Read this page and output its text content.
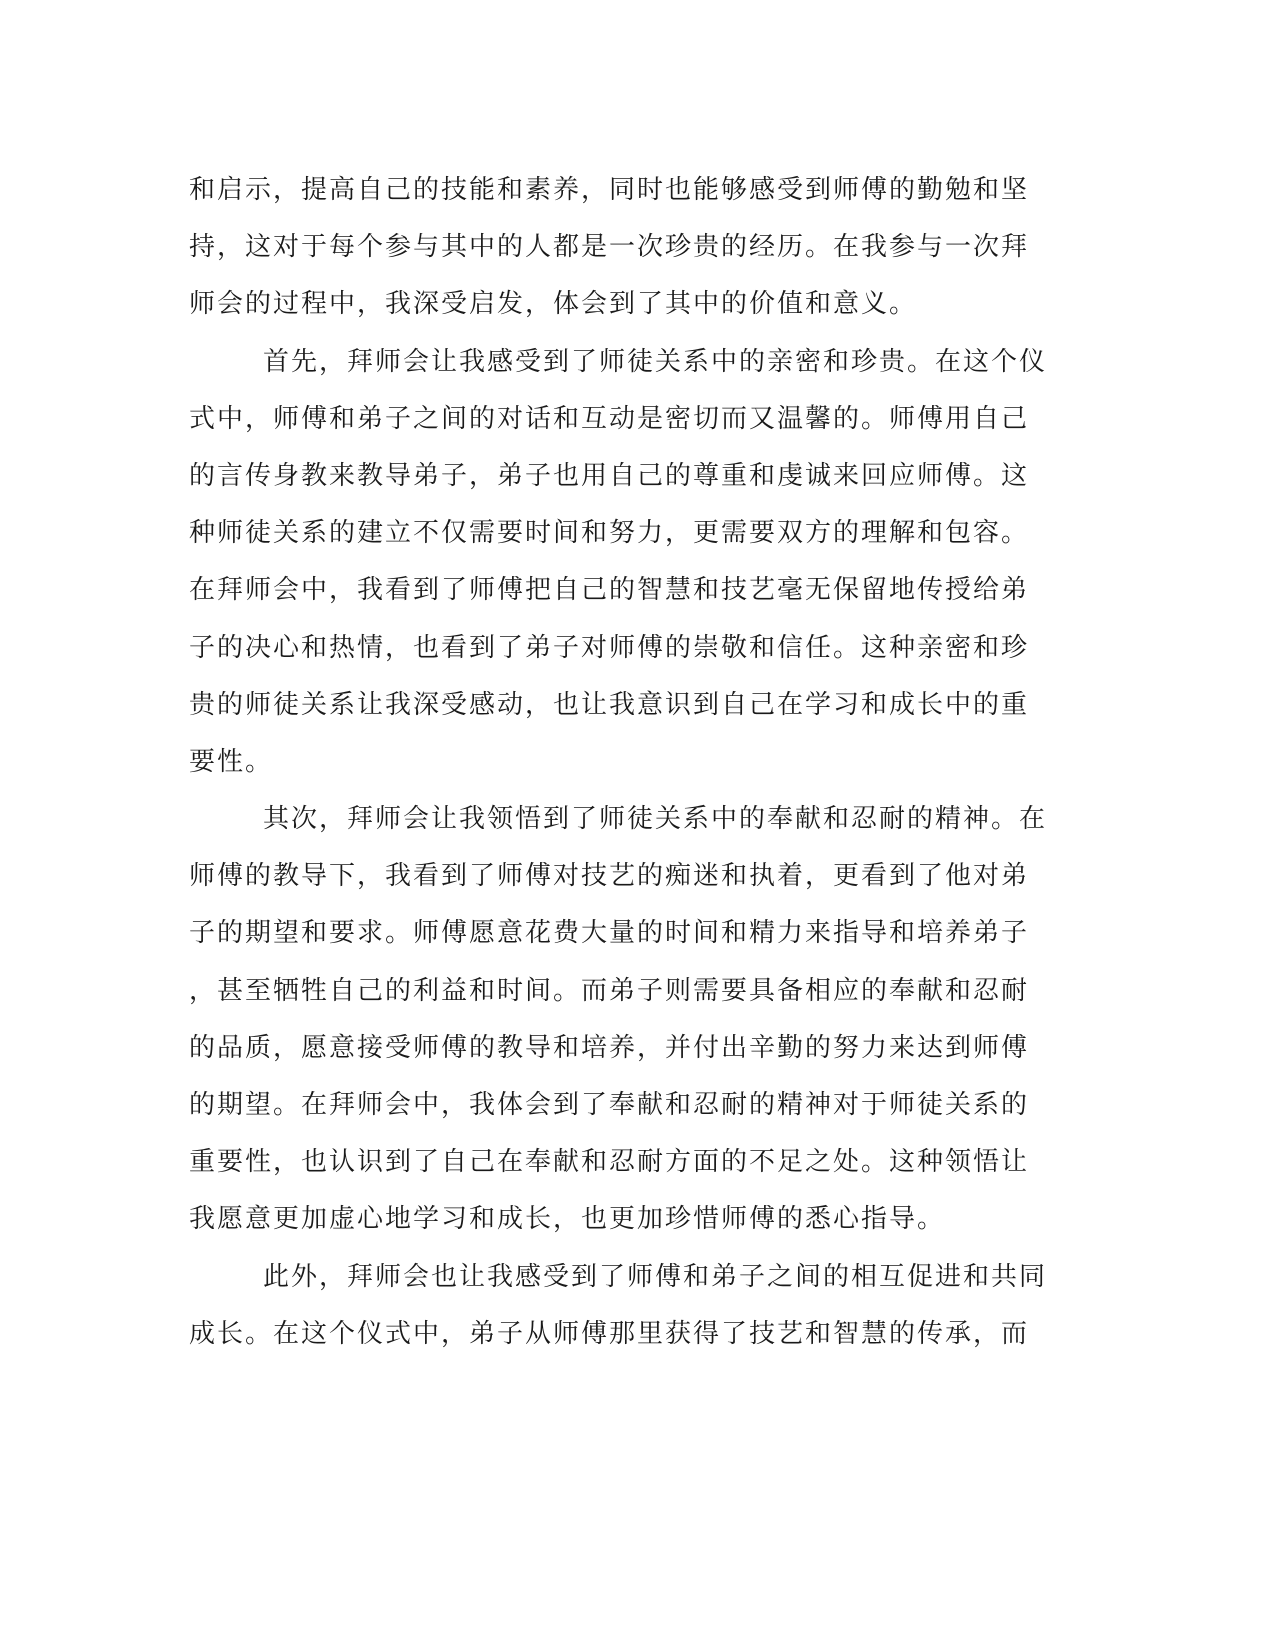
和启示，提高自己的技能和素养，同时也能够感受到师傅的勤勉和坚
持，这对于每个参与其中的人都是一次珍贵的经历。在我参与一次拜
师会的过程中，我深受启发，体会到了其中的价值和意义。
首先，拜师会让我感受到了师徒关系中的亲密和珍贵。在这个仪
式中，师傅和弟子之间的对话和互动是密切而又温馨的。师傅用自己
的言传身教来教导弟子，弟子也用自己的尊重和虔诚来回应师傅。这
种师徒关系的建立不仅需要时间和努力，更需要双方的理解和包容。
在拜师会中，我看到了师傅把自己的智慧和技艺毫无保留地传授给弟
子的决心和热情，也看到了弟子对师傅的崇敬和信任。这种亲密和珍
贵的师徒关系让我深受感动，也让我意识到自己在学习和成长中的重
要性。
其次，拜师会让我领悟到了师徒关系中的奉献和忍耐的精神。在
师傅的教导下，我看到了师傅对技艺的痴迷和执着，更看到了他对弟
子的期望和要求。师傅愿意花费大量的时间和精力来指导和培养弟子
，甚至牺牲自己的利益和时间。而弟子则需要具备相应的奉献和忍耐
的品质，愿意接受师傅的教导和培养，并付出辛勤的努力来达到师傅
的期望。在拜师会中，我体会到了奉献和忍耐的精神对于师徒关系的
重要性，也认识到了自己在奉献和忍耐方面的不足之处。这种领悟让
我愿意更加虚心地学习和成长，也更加珍惜师傅的悉心指导。
此外，拜师会也让我感受到了师傅和弟子之间的相互促进和共同
成长。在这个仪式中，弟子从师傅那里获得了技艺和智慧的传承，而
